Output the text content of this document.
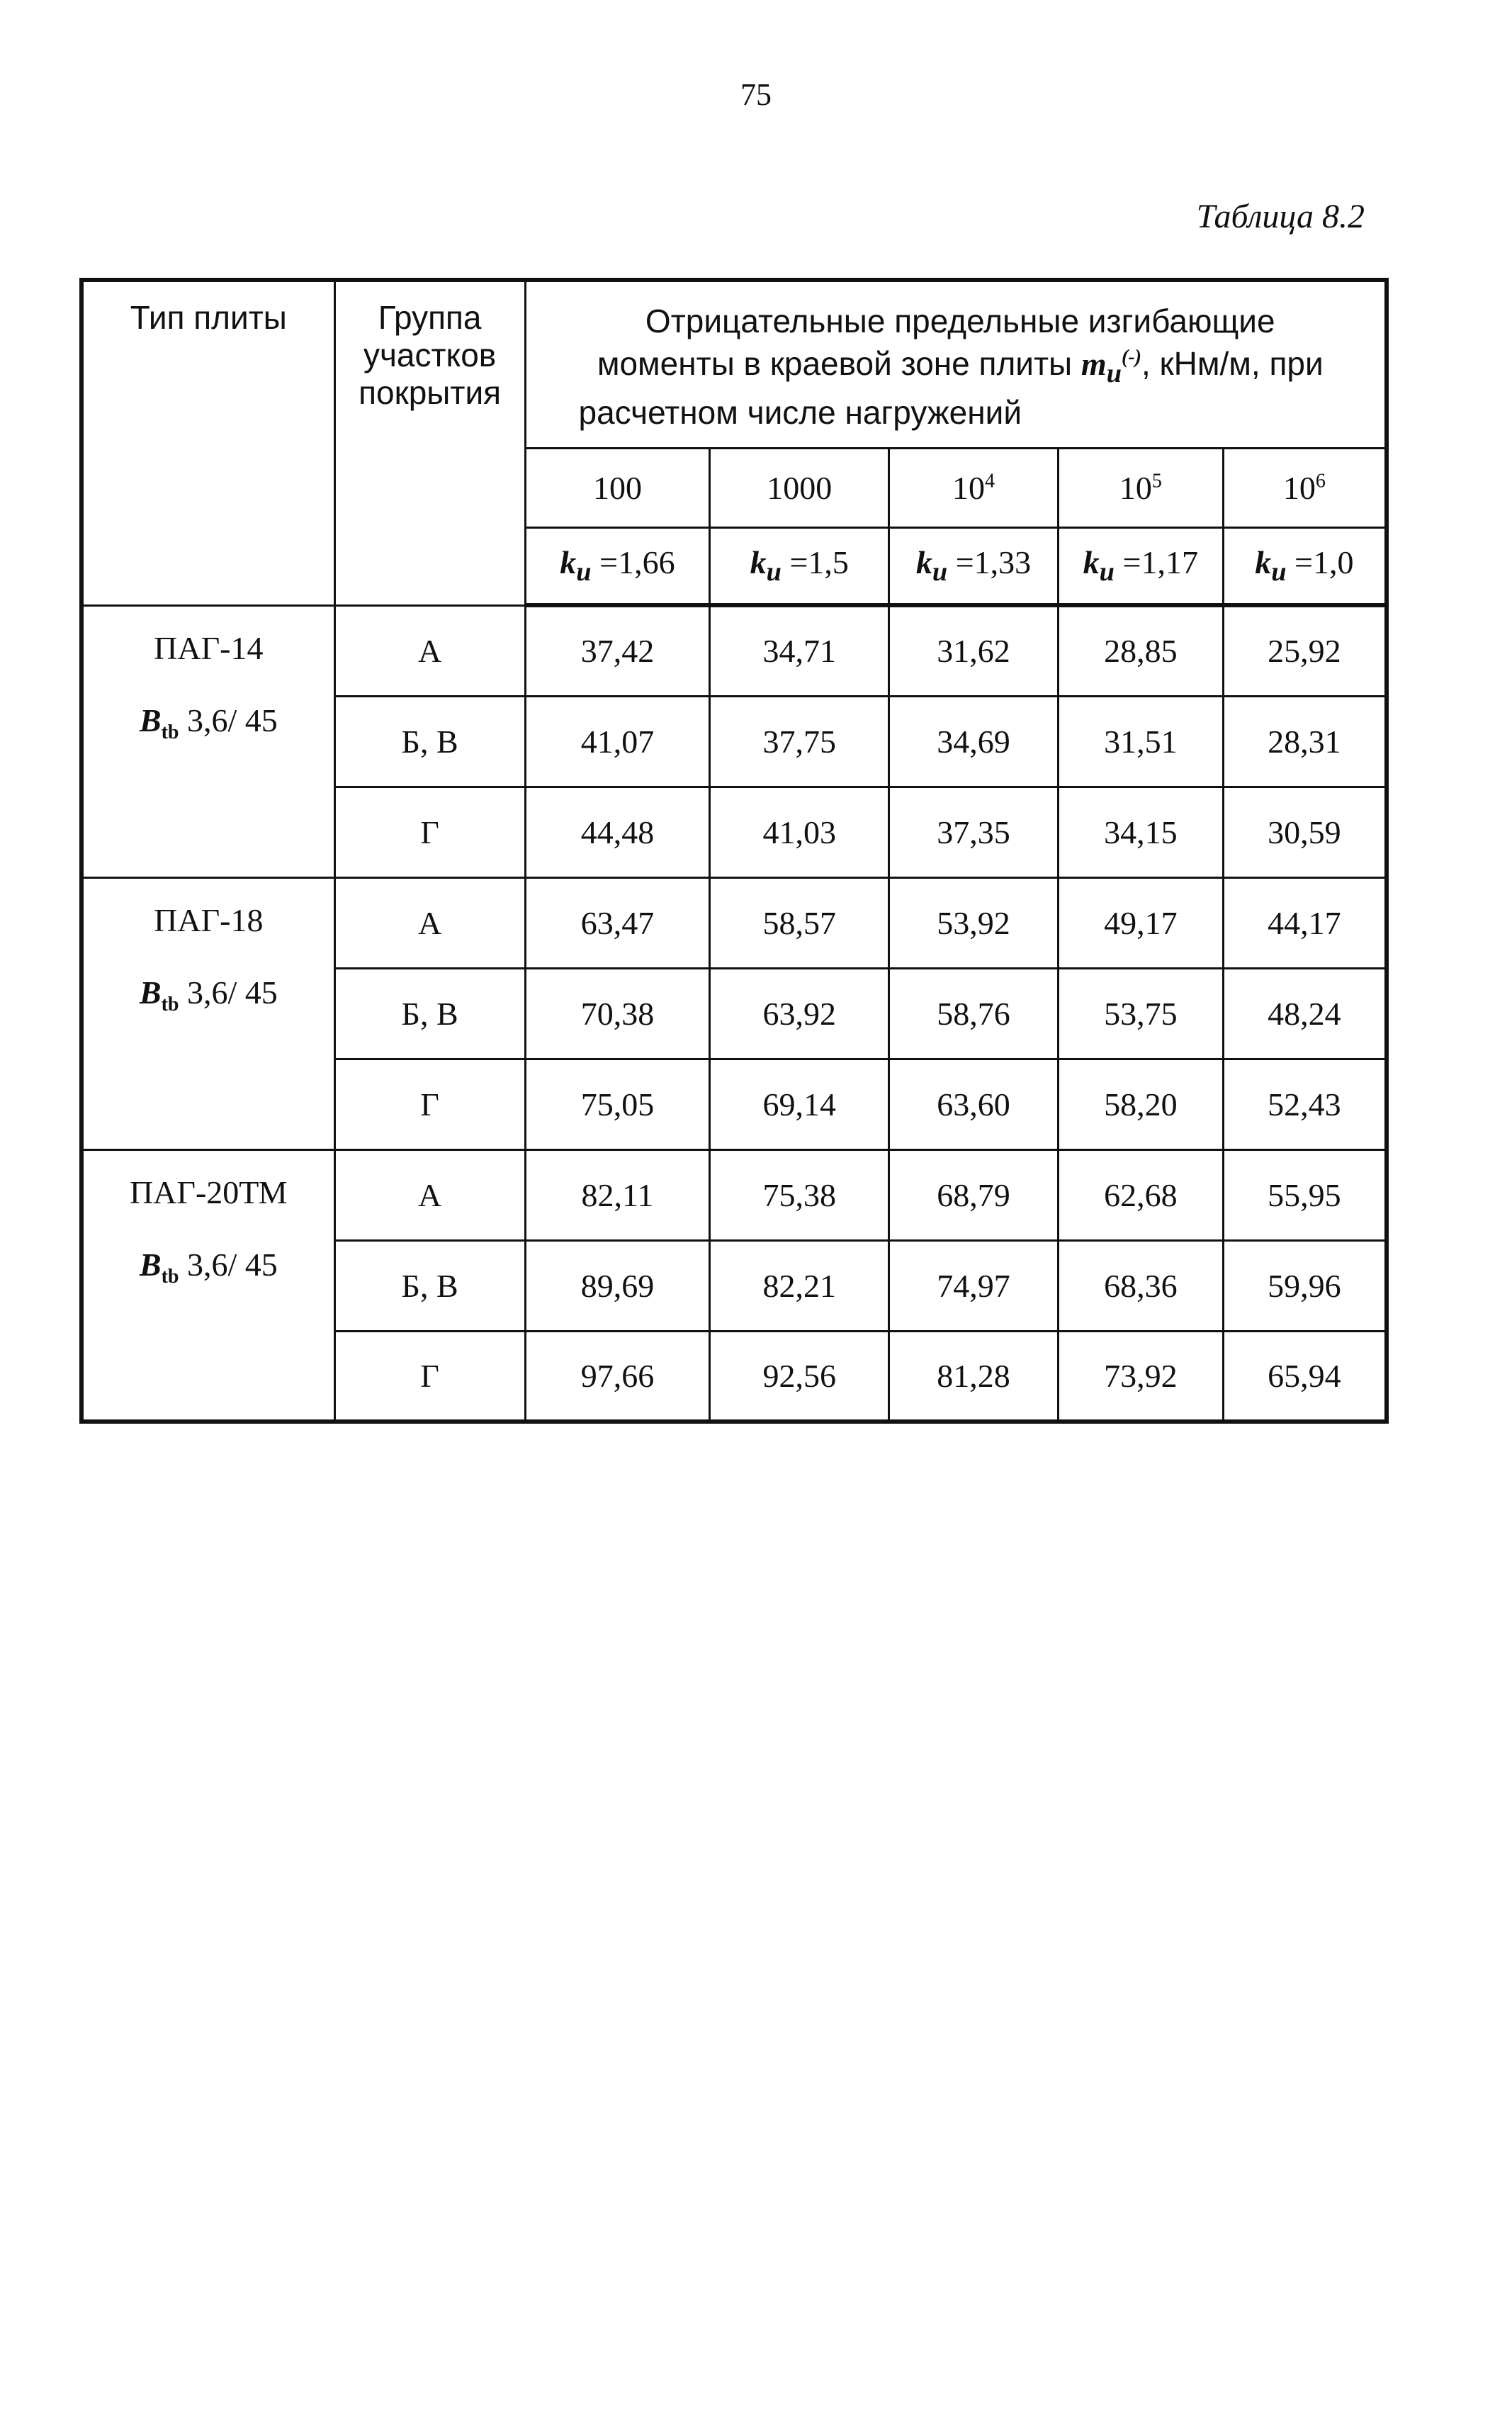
75
Таблица 8.2
Тип плиты	Группа участков покрытия	Отрицательные предельные изгибающие моменты в краевой зоне плиты $m_u^{(-)}$, кНм/м, при расчетном числе нагружений				
		100	1000	$10^4$	$10^5$	$10^6$
		$k_u =1,66$	$k_u =1,5$	$k_u =1,33$	$k_u =1,17$	$k_u =1,0$

ПАГ-14
$B_{tb}$ 3,6/ 45	А	37,42	34,71	31,62	28,85	25,92
	Б, В	41,07	37,75	34,69	31,51	28,31
	Г	44,48	41,03	37,35	34,15	30,59

ПАГ-18
$B_{tb}$ 3,6/ 45	А	63,47	58,57	53,92	49,17	44,17
	Б, В	70,38	63,92	58,76	53,75	48,24
	Г	75,05	69,14	63,60	58,20	52,43

ПАГ-20ТМ
$B_{tb}$ 3,6/ 45	А	82,11	75,38	68,79	62,68	55,95
	Б, В	89,69	82,21	74,97	68,36	59,96
	Г	97,66	92,56	81,28	73,92	65,94
